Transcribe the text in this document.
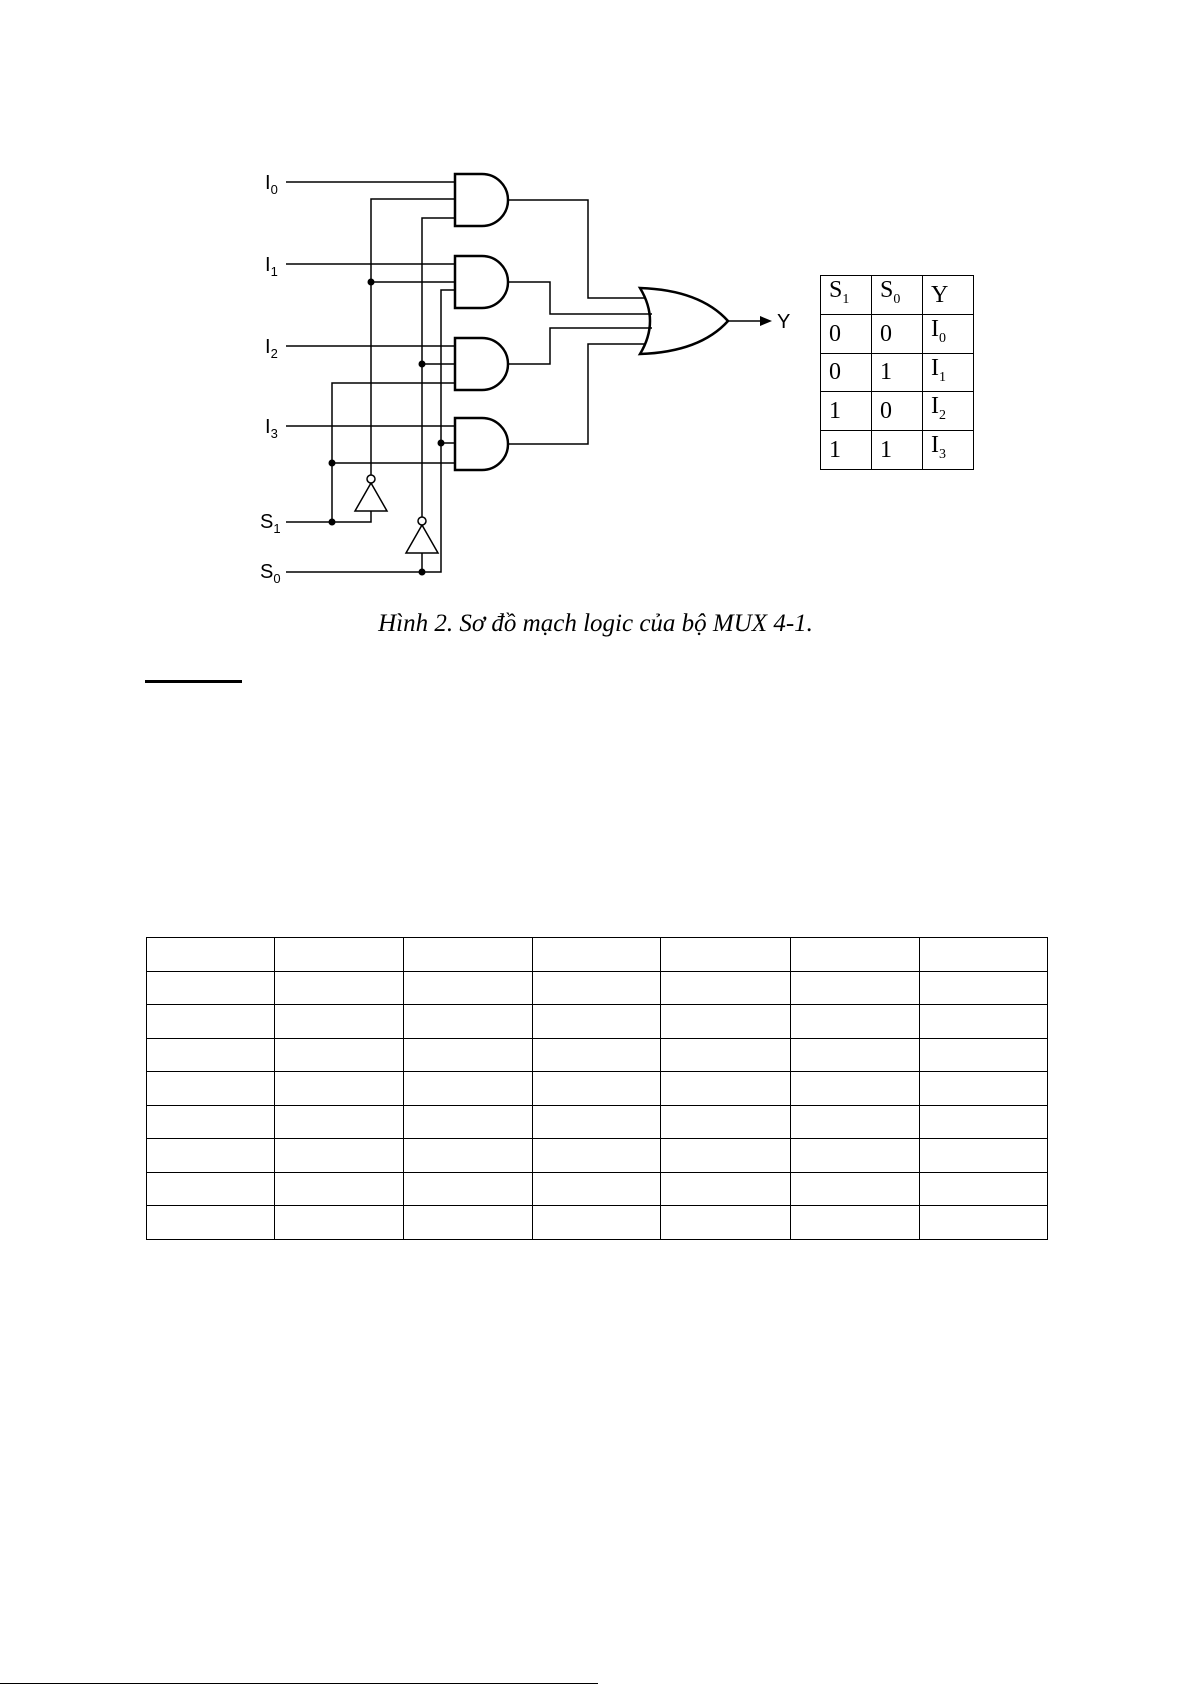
$I_0$
$I_1$
$I_2$
$I_3$
$S_1$
$S_0$
Y
$S_1$	$S_0$	Y
0	0	$I_0$
0	1	$I_1$
1	0	$I_2$
1	1	$I_3$
Hình 2. Sơ đồ mạch logic của bộ MUX 4-1.
